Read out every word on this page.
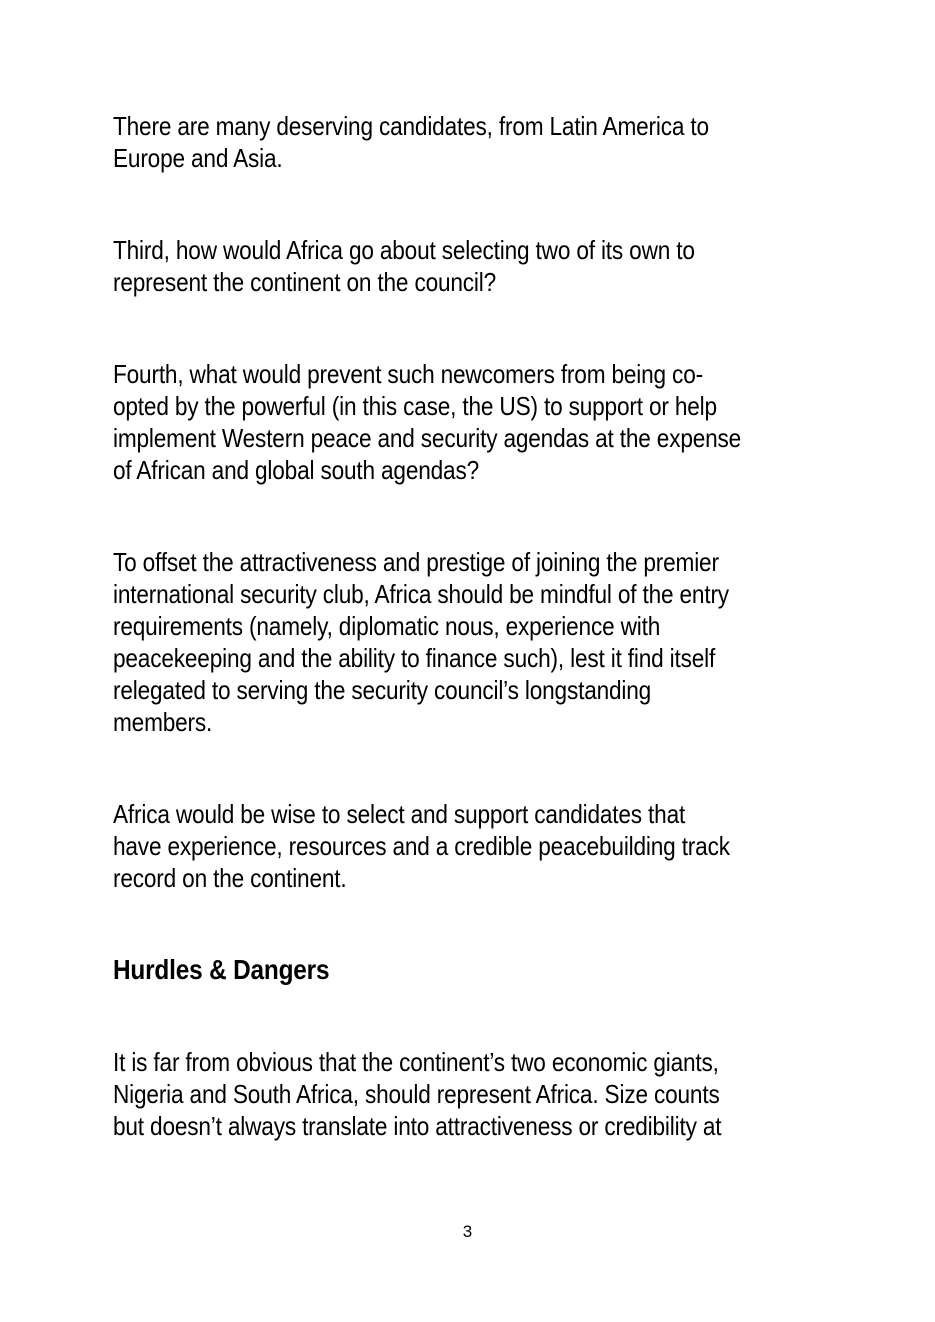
There are many deserving candidates, from Latin America to
Europe and Asia.
Third, how would Africa go about selecting two of its own to
represent the continent on the council?
Fourth, what would prevent such newcomers from being co-
opted by the powerful (in this case, the US) to support or help
implement Western peace and security agendas at the expense
of African and global south agendas?
To offset the attractiveness and prestige of joining the premier
international security club, Africa should be mindful of the entry
requirements (namely, diplomatic nous, experience with
peacekeeping and the ability to finance such), lest it find itself
relegated to serving the security council’s longstanding
members.
Africa would be wise to select and support candidates that
have experience, resources and a credible peacebuilding track
record on the continent.
Hurdles & Dangers
It is far from obvious that the continent’s two economic giants,
Nigeria and South Africa, should represent Africa. Size counts
but doesn’t always translate into attractiveness or credibility at
3
